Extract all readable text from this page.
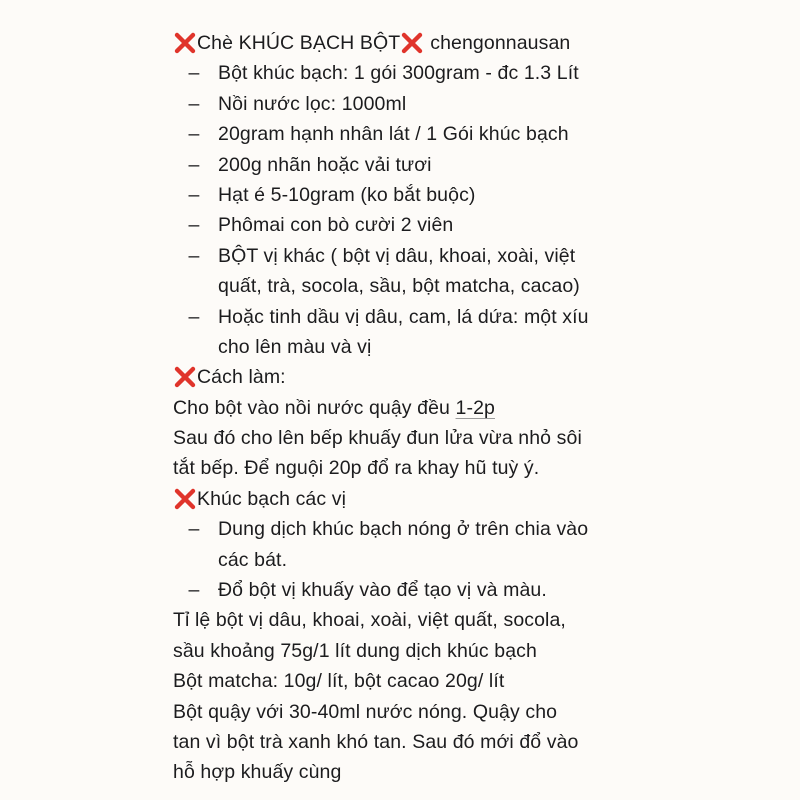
Chè KHÚC BẠCH BỘT chengonnausan
– Bột khúc bạch: 1 gói 300gram - đc 1.3 Lít
– Nồi nước lọc: 1000ml
– 20gram hạnh nhân lát / 1 Gói khúc bạch
– 200g nhãn hoặc vải tươi
– Hạt é 5-10gram (ko bắt buộc)
– Phômai con bò cười 2 viên
– BỘT vị khác ( bột vị dâu, khoai, xoài, việt
quất, trà, socola, sầu, bột matcha, cacao)
– Hoặc tinh dầu vị dâu, cam, lá dứa: một xíu
cho lên màu và vị
Cách làm:
Cho bột vào nồi nước quậy đều 1-2p
Sau đó cho lên bếp khuấy đun lửa vừa nhỏ sôi
tắt bếp. Để nguội 20p đổ ra khay hũ tuỳ ý.
Khúc bạch các vị
– Dung dịch khúc bạch nóng ở trên chia vào
các bát.
– Đổ bột vị khuấy vào để tạo vị và màu.
Tỉ lệ bột vị dâu, khoai, xoài, việt quất, socola,
sầu khoảng 75g/1 lít dung dịch khúc bạch
Bột matcha: 10g/ lít, bột cacao 20g/ lít
Bột quậy với 30-40ml nước nóng. Quậy cho
tan vì bột trà xanh khó tan. Sau đó mới đổ vào
hỗ hợp khuấy cùng
